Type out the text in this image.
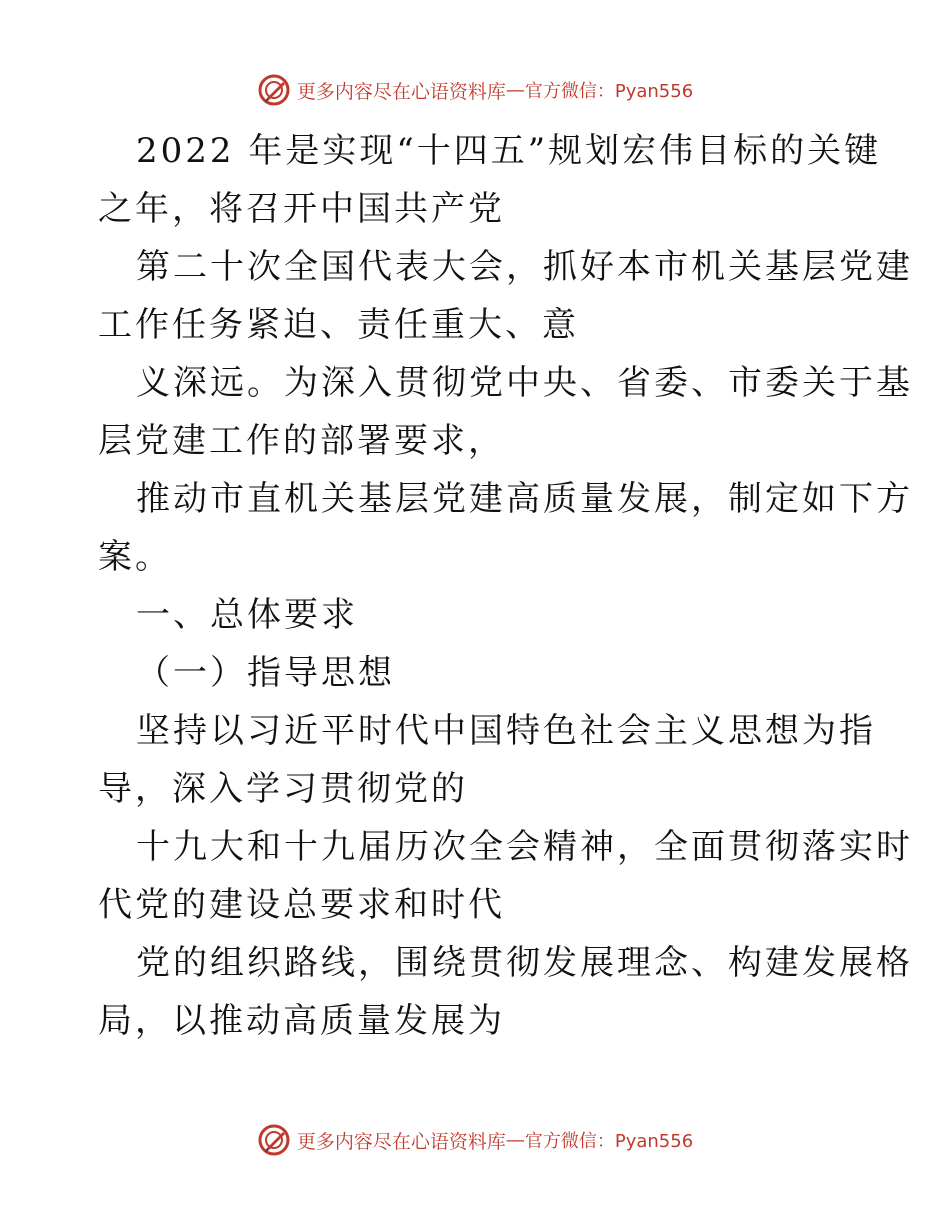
更多内容尽在心语资料库 — 官方微信：Pyan556
2022 年是实现“十四五”规划宏伟目标的关键
之年，将召开中国共产党
第二十次全国代表大会，抓好本市机关基层党建
工作任务紧迫、责任重大、意
义深远。为深入贯彻党中央、省委、市委关于基
层党建工作的部署要求，
推动市直机关基层党建高质量发展，制定如下方
案。
一、总体要求
（一）指导思想
坚持以习近平时代中国特色社会主义思想为指
导，深入学习贯彻党的
十九大和十九届历次全会精神，全面贯彻落实时
代党的建设总要求和时代
党的组织路线，围绕贯彻发展理念、构建发展格
局，以推动高质量发展为
更多内容尽在心语资料库 — 官方微信：Pyan556
